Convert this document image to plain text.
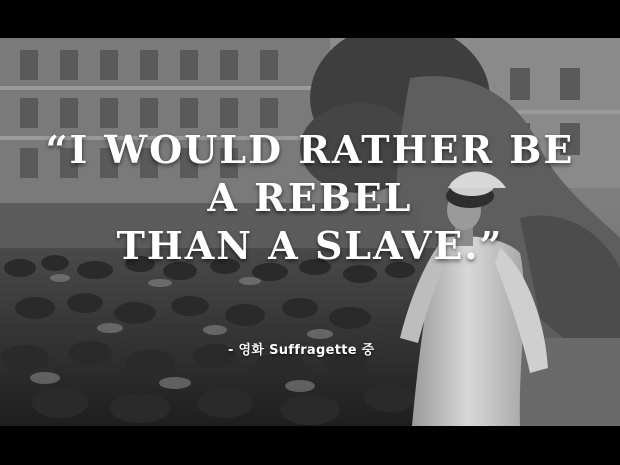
“I WOULD RATHER BE
A REBEL
THAN A SLAVE.”
- 영화 Suffragette 중
